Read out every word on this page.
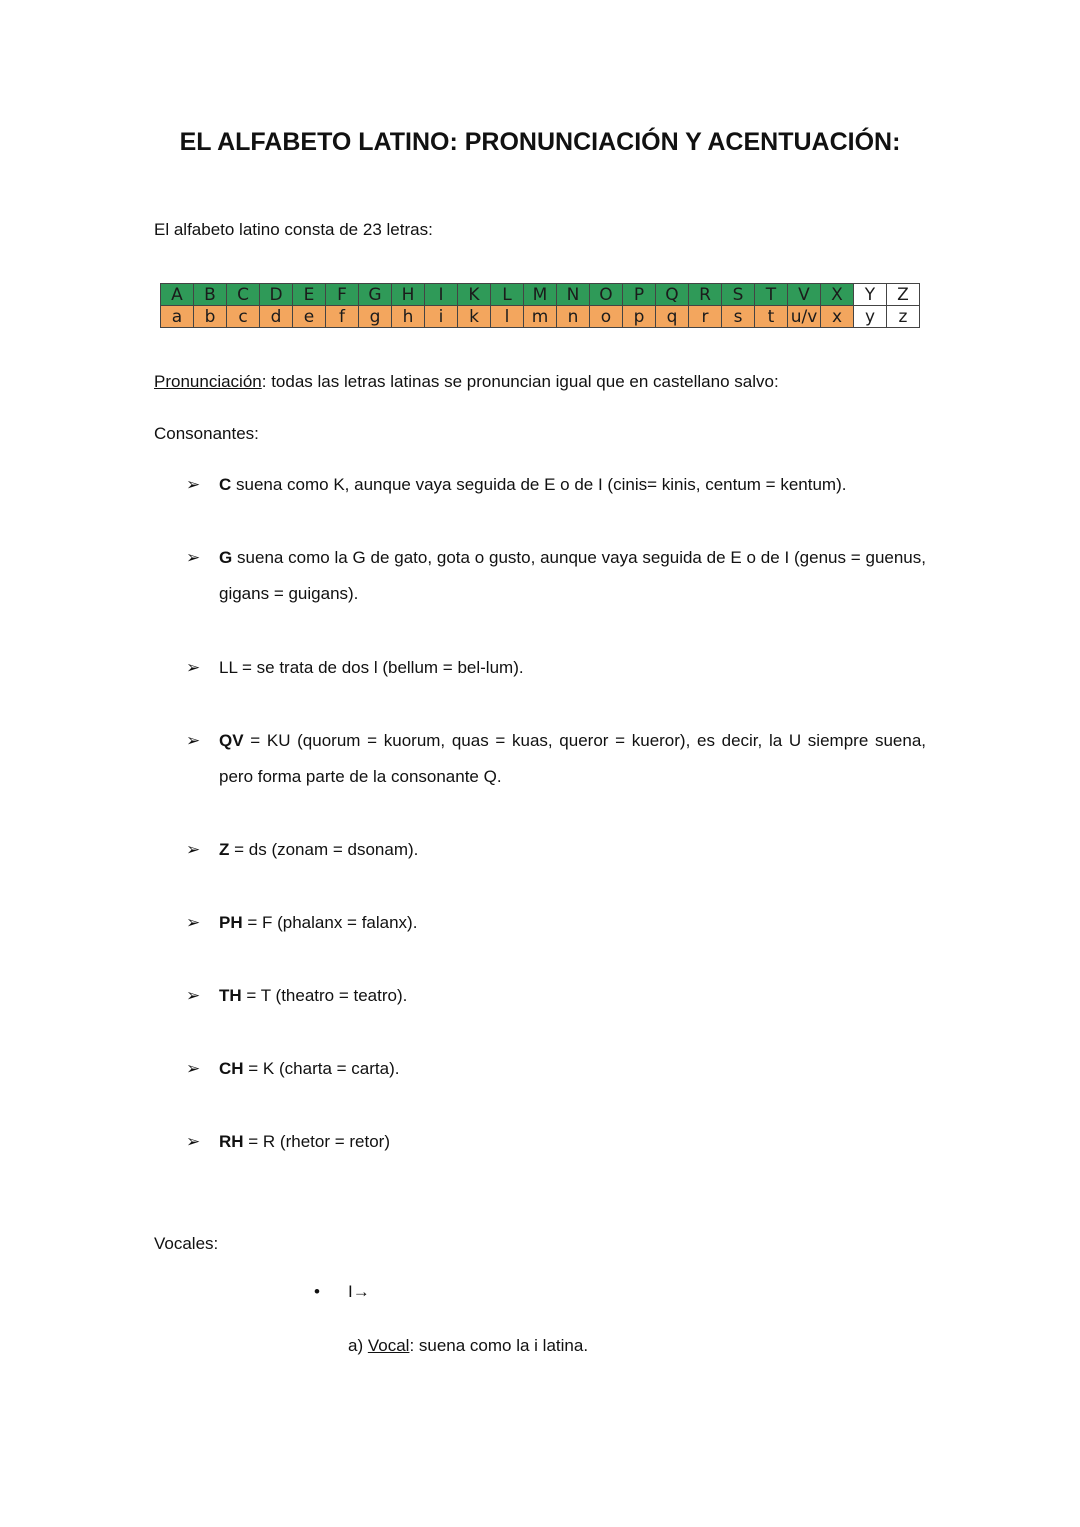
EL ALFABETO LATINO: PRONUNCIACIÓN Y ACENTUACIÓN:
El alfabeto latino consta de 23 letras:
A	B	C	D	E	F	G	H	I	K	L	M	N	O	P	Q	R	S	T	V	X	Y	Z
a	b	c	d	e	f	g	h	i	k	l	m	n	o	p	q	r	s	t	u/v	x	y	z
Pronunciación: todas las letras latinas se pronuncian igual que en castellano salvo:
Consonantes:
➢	C suena como K, aunque vaya seguida de E o de I (cinis= kinis, centum = kentum).
➢	G suena como la G de gato, gota o gusto, aunque vaya seguida de E o de I (genus = guenus, gigans = guigans).
➢	LL = se trata de dos l (bellum = bel-lum).
➢	QV = KU (quorum = kuorum, quas = kuas, queror = kueror), es decir, la U siempre suena, pero forma parte de la consonante Q.
➢	Z = ds (zonam = dsonam).
➢	PH = F (phalanx = falanx).
➢	TH = T (theatro = teatro).
➢	CH = K (charta = carta).
➢	RH = R (rhetor = retor)
Vocales:
• I→
a) Vocal: suena como la i latina.
